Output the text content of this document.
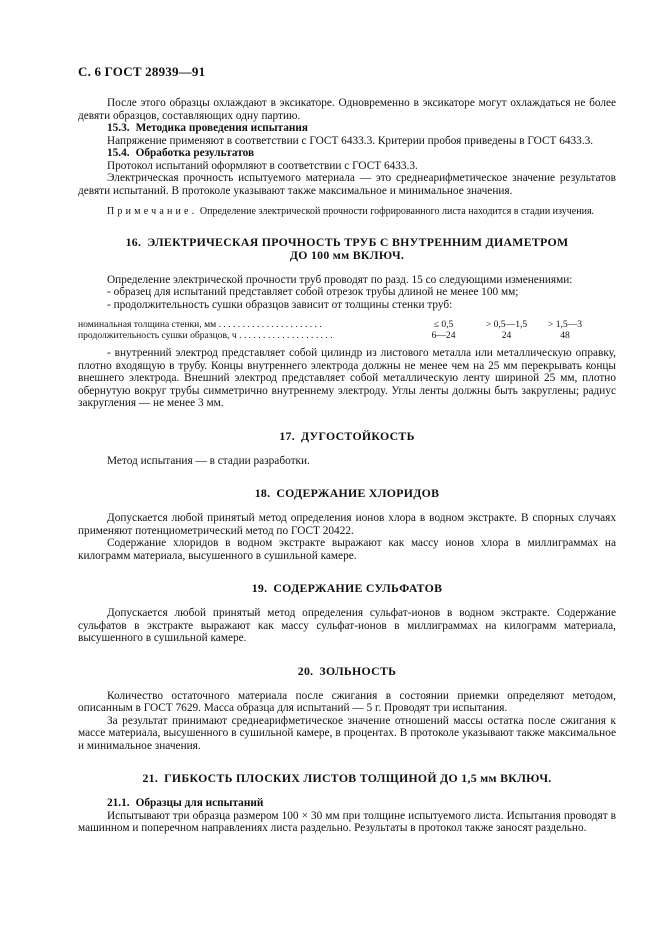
С. 6 ГОСТ 28939—91

После этого образцы охлаждают в эксикаторе. Одновременно в эксикаторе могут охлаждаться не более девяти образцов, составляющих одну партию.

15.3. Методика проведения испытания

Напряжение применяют в соответствии с ГОСТ 6433.3. Критерии пробоя приведены в ГОСТ 6433.3.

15.4. Обработка результатов

Протокол испытаний оформляют в соответствии с ГОСТ 6433.3.

Электрическая прочность испытуемого материала — это среднеарифметическое значение результатов девяти испытаний. В протоколе указывают также максимальное и минимальное значения.

Примечание. Определение электрической прочности гофрированного листа находится в стадии изучения.
16. ЭЛЕКТРИЧЕСКАЯ ПРОЧНОСТЬ ТРУБ С ВНУТРЕННИМ ДИАМЕТРОМ
ДО 100 мм ВКЛЮЧ.

Определение электрической прочности труб проводят по разд. 15 со следующими изменениями:

- образец для испытаний представляет собой отрезок трубы длиной не менее 100 мм;

- продолжительность сушки образцов зависит от толщины стенки труб:

номинальная толщина стенки, мм . . . . . . . . . . . . . . . . . . . . . .	≤ 0,5	> 0,5—1,5	> 1,5—3
продолжительность сушки образцов, ч . . . . . . . . . . . . . . . . . . . .	6—24	24	48

- внутренний электрод представляет собой цилиндр из листового металла или металлическую оправку, плотно входящую в трубу. Концы внутреннего электрода должны не менее чем на 25 мм перекрывать концы внешнего электрода. Внешний электрод представляет собой металлическую ленту шириной 25 мм, плотно обернутую вокруг трубы симметрично внутреннему электроду. Углы ленты должны быть закруглены; радиус закругления — не менее 3 мм.

17. ДУГОСТОЙКОСТЬ

Метод испытания — в стадии разработки.

18. СОДЕРЖАНИЕ ХЛОРИДОВ

Допускается любой принятый метод определения ионов хлора в водном экстракте. В спорных случаях применяют потенциометрический метод по ГОСТ 20422.

Содержание хлоридов в водном экстракте выражают как массу ионов хлора в миллиграммах на килограмм материала, высушенного в сушильной камере.

19. СОДЕРЖАНИЕ СУЛЬФАТОВ

Допускается любой принятый метод определения сульфат-ионов в водном экстракте. Содержание сульфатов в экстракте выражают как массу сульфат-ионов в миллиграммах на килограмм материала, высушенного в сушильной камере.

20. ЗОЛЬНОСТЬ

Количество остаточного материала после сжигания в состоянии приемки определяют методом, описанным в ГОСТ 7629. Масса образца для испытаний — 5 г. Проводят три испытания.

За результат принимают среднеарифметическое значение отношений массы остатка после сжигания к массе материала, высушенного в сушильной камере, в процентах. В протоколе указывают также максимальное и минимальное значения.

21. ГИБКОСТЬ ПЛОСКИХ ЛИСТОВ ТОЛЩИНОЙ ДО 1,5 мм ВКЛЮЧ.
21.1. Образцы для испытаний

Испытывают три образца размером 100 × 30 мм при толщине испытуемого листа. Испытания проводят в машинном и поперечном направлениях листа раздельно. Результаты в протокол также заносят раздельно.
